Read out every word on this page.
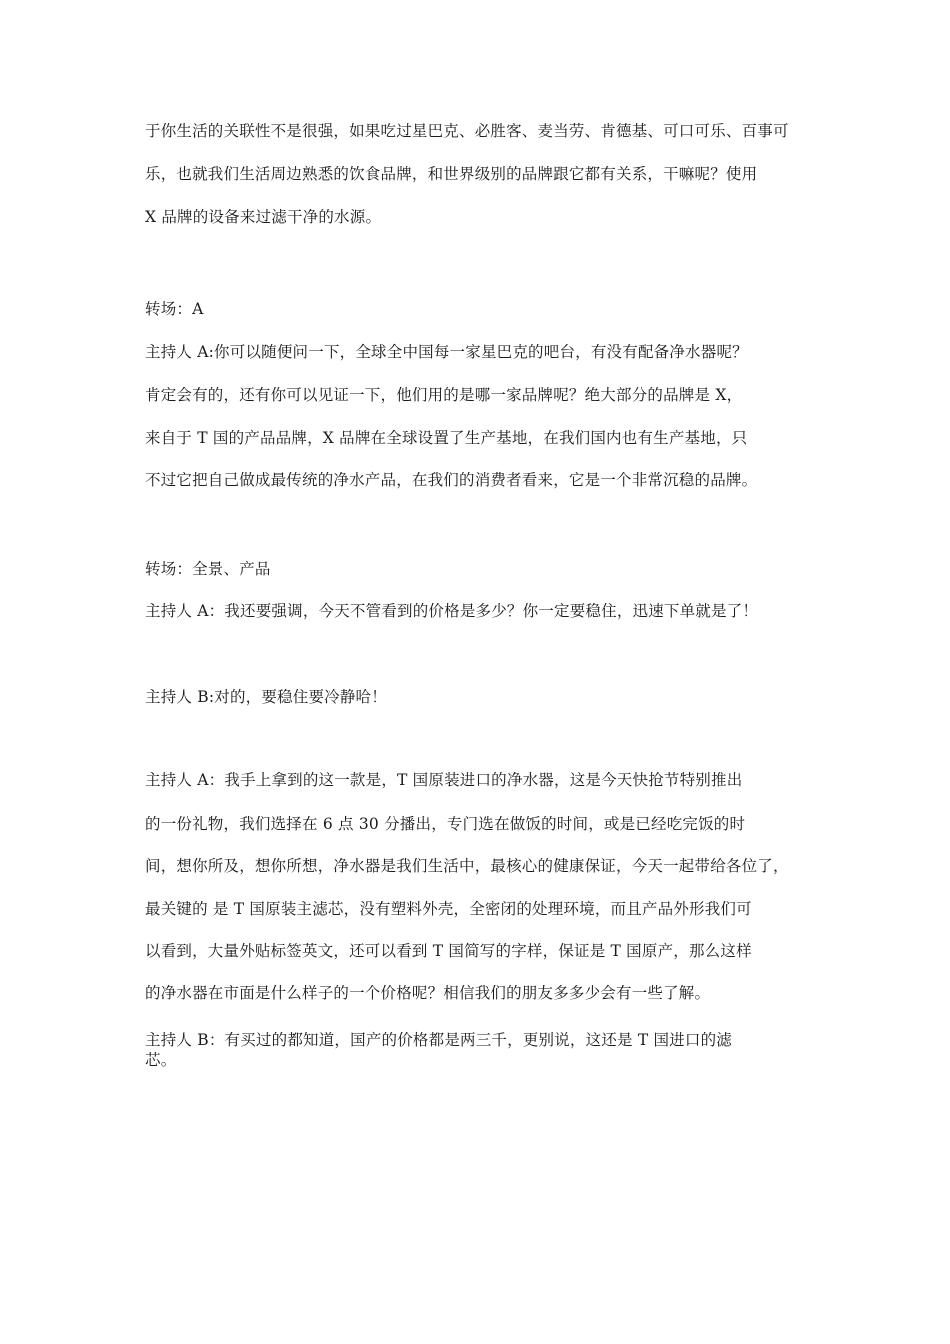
于你生活的关联性不是很强，如果吃过星巴克、必胜客、麦当劳、肯德基、可口可乐、百事可
乐，也就我们生活周边熟悉的饮食品牌，和世界级别的品牌跟它都有关系，干嘛呢？使用
X 品牌的设备来过滤干净的水源。
转场：A
主持人 A:你可以随便问一下，全球全中国每一家星巴克的吧台，有没有配备净水器呢？
肯定会有的，还有你可以见证一下，他们用的是哪一家品牌呢？绝大部分的品牌是 X，
来自于 T 国的产品品牌，X 品牌在全球设置了生产基地，在我们国内也有生产基地，只
不过它把自己做成最传统的净水产品，在我们的消费者看来，它是一个非常沉稳的品牌。
转场：全景、产品
主持人 A：我还要强调，今天不管看到的价格是多少？你一定要稳住，迅速下单就是了！
主持人 B:对的，要稳住要冷静哈！
主持人 A：我手上拿到的这一款是，T 国原装进口的净水器，这是今天快抢节特别推出
的一份礼物，我们选择在 6 点 30 分播出，专门选在做饭的时间，或是已经吃完饭的时
间，想你所及，想你所想，净水器是我们生活中，最核心的健康保证，今天一起带给各位了，
最关键的 是 T 国原装主滤芯，没有塑料外壳，全密闭的处理环境，而且产品外形我们可
以看到，大量外贴标签英文，还可以看到 T 国简写的字样，保证是 T 国原产，那么这样
的净水器在市面是什么样子的一个价格呢？相信我们的朋友多多少会有一些了解。
主持人 B：有买过的都知道，国产的价格都是两三千，更别说，这还是 T 国进口的滤
芯。
